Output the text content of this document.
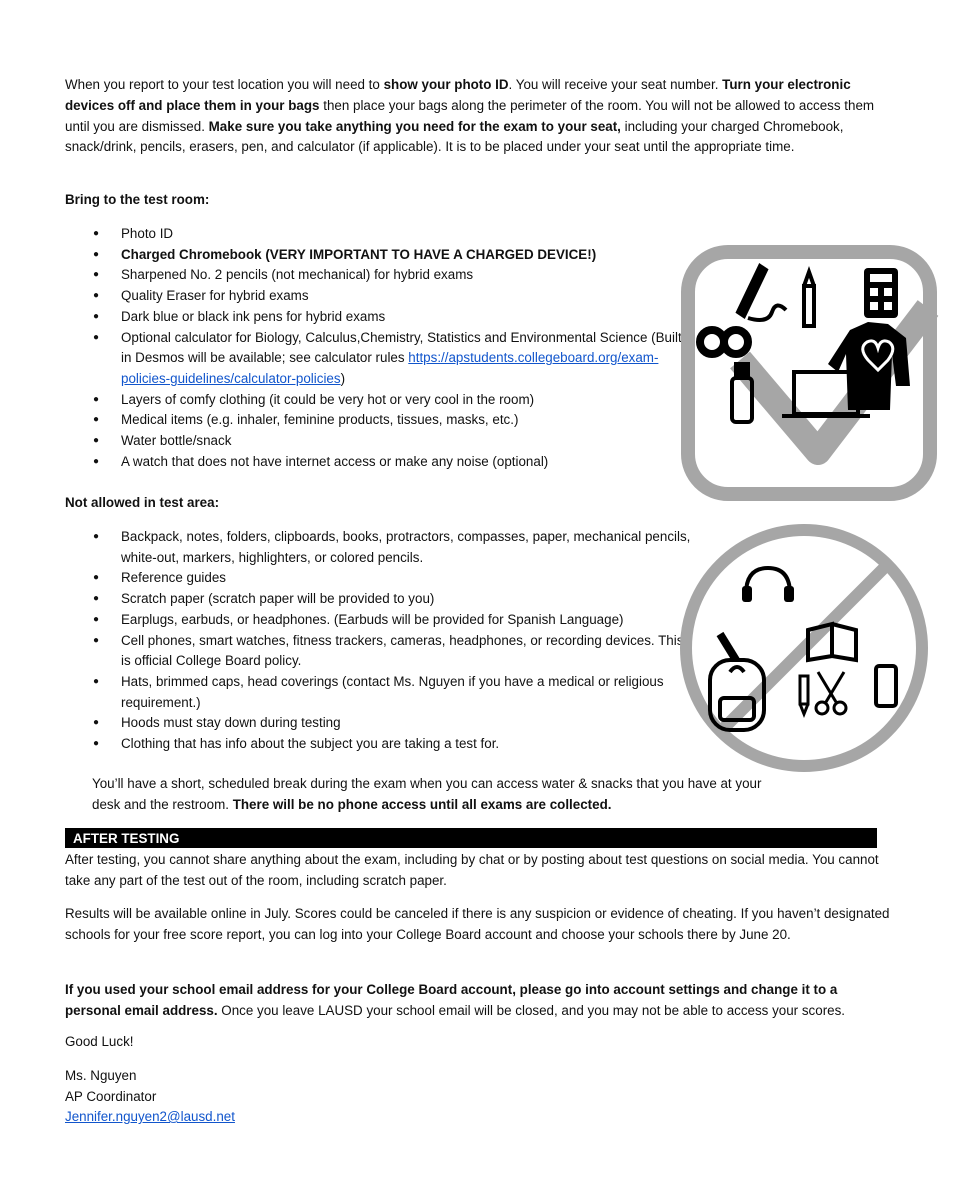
When you report to your test location you will need to show your photo ID. You will receive your seat number. Turn your electronic devices off and place them in your bags then place your bags along the perimeter of the room. You will not be allowed to access them until you are dismissed. Make sure you take anything you need for the exam to your seat, including your charged Chromebook, snack/drink, pencils, erasers, pen, and calculator (if applicable). It is to be placed under your seat until the appropriate time.

Bring to the test room:
● Photo ID
● Charged Chromebook (VERY IMPORTANT TO HAVE A CHARGED DEVICE!)
● Sharpened No. 2 pencils (not mechanical) for hybrid exams
● Quality Eraser for hybrid exams
● Dark blue or black ink pens for hybrid exams
● Optional calculator for Biology, Calculus,Chemistry, Statistics and Environmental Science (Built-in Desmos will be available; see calculator rules https://apstudents.collegeboard.org/exam-policies-guidelines/calculator-policies)
● Layers of comfy clothing (it could be very hot or very cool in the room)
● Medical items (e.g. inhaler, feminine products, tissues, masks, etc.)
● Water bottle/snack
● A watch that does not have internet access or make any noise (optional)
Not allowed in test area:
● Backpack, notes, folders, clipboards, books, protractors, compasses, paper, mechanical pencils, white-out, markers, highlighters, or colored pencils.
● Reference guides
● Scratch paper (scratch paper will be provided to you)
● Earplugs, earbuds, or headphones. (Earbuds will be provided for Spanish Language)
● Cell phones, smart watches, fitness trackers, cameras, headphones, or recording devices. This is official College Board policy.
● Hats, brimmed caps, head coverings (contact Ms. Nguyen if you have a medical or religious requirement.)
● Hoods must stay down during testing
● Clothing that has info about the subject you are taking a test for.

You’ll have a short, scheduled break during the exam when you can access water & snacks that you have at your desk and the restroom. There will be no phone access until all exams are collected.

AFTER TESTING

After testing, you cannot share anything about the exam, including by chat or by posting about test questions on social media. You cannot take any part of the test out of the room, including scratch paper.

Results will be available online in July. Scores could be canceled if there is any suspicion or evidence of cheating. If you haven’t designated schools for your free score report, you can log into your College Board account and choose your schools there by June 20.

If you used your school email address for your College Board account, please go into account settings and change it to a personal email address. Once you leave LAUSD your school email will be closed, and you may not be able to access your scores.

Good Luck!

Ms. Nguyen

AP Coordinator

Jennifer.nguyen2@lausd.net
